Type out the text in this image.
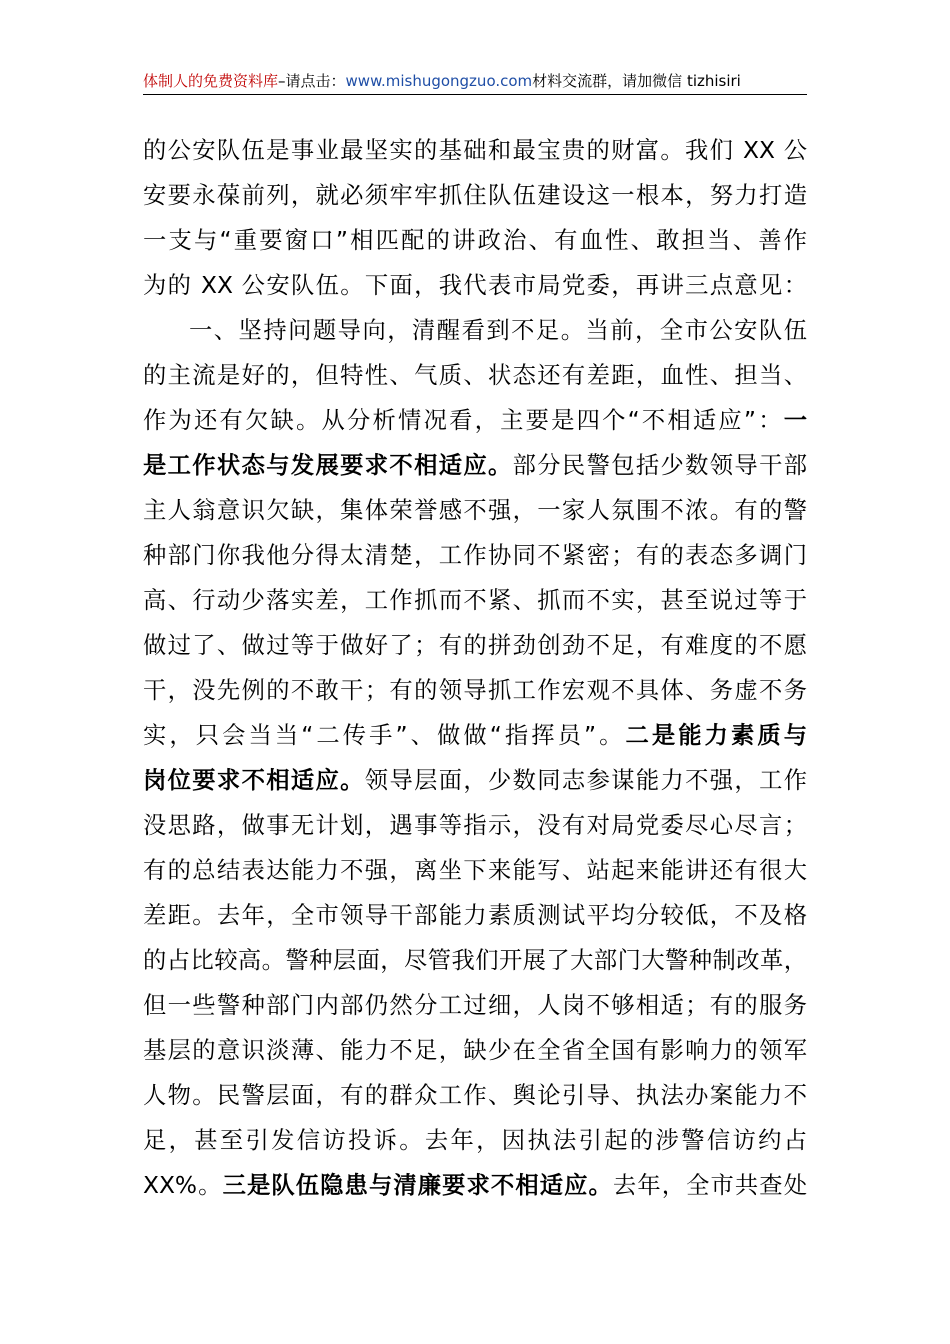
体制人的免费资料库–请点击：www.mishugongzuo.com材料交流群，请加微信 tizhisiri
的公安队伍是事业最坚实的基础和最宝贵的财富。我们 XX 公
安要永葆前列，就必须牢牢抓住队伍建设这一根本，努力打造
一支与“重要窗口”相匹配的讲政治、有血性、敢担当、善作
为的 XX 公安队伍。下面，我代表市局党委，再讲三点意见：
一、坚持问题导向，清醒看到不足。当前，全市公安队伍
的主流是好的，但特性、气质、状态还有差距，血性、担当、
作为还有欠缺。从分析情况看，主要是四个“不相适应”：一
是工作状态与发展要求不相适应。部分民警包括少数领导干部
主人翁意识欠缺，集体荣誉感不强，一家人氛围不浓。有的警
种部门你我他分得太清楚，工作协同不紧密；有的表态多调门
高、行动少落实差，工作抓而不紧、抓而不实，甚至说过等于
做过了、做过等于做好了；有的拼劲创劲不足，有难度的不愿
干，没先例的不敢干；有的领导抓工作宏观不具体、务虚不务
实，只会当当“二传手”、做做“指挥员”。二是能力素质与
岗位要求不相适应。领导层面，少数同志参谋能力不强，工作
没思路，做事无计划，遇事等指示，没有对局党委尽心尽言；
有的总结表达能力不强，离坐下来能写、站起来能讲还有很大
差距。去年，全市领导干部能力素质测试平均分较低，不及格
的占比较高。警种层面，尽管我们开展了大部门大警种制改革，
但一些警种部门内部仍然分工过细，人岗不够相适；有的服务
基层的意识淡薄、能力不足，缺少在全省全国有影响力的领军
人物。民警层面，有的群众工作、舆论引导、执法办案能力不
足，甚至引发信访投诉。去年，因执法引起的涉警信访约占
XX%。三是队伍隐患与清廉要求不相适应。去年，全市共查处
